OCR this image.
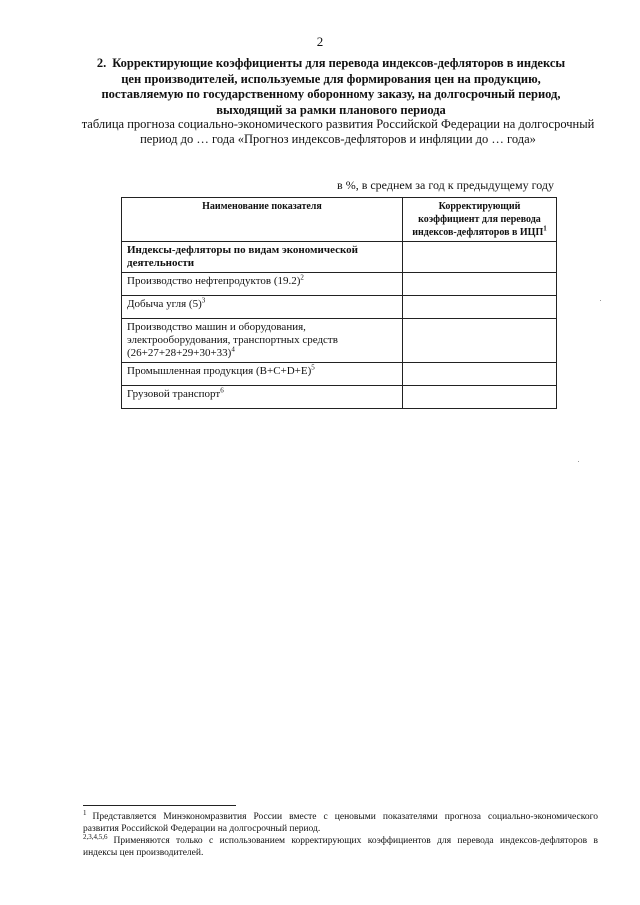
2
2. Корректирующие коэффициенты для перевода индексов-дефляторов в индексы цен производителей, используемые для формирования цен на продукцию, поставляемую по государственному оборонному заказу, на долгосрочный период, выходящий за рамки планового периода
таблица прогноза социально-экономического развития Российской Федерации на долгосрочный период до … года «Прогноз индексов-дефляторов и инфляции до … года»
в %, в среднем за год к предыдущему году
Наименование показателя	Корректирующий коэффициент для перевода индексов-дефляторов в ИЦП$^1$
Индексы-дефляторы по видам экономической деятельности	
Производство нефтепродуктов $(19.2)^2$	
Добыча угля $(5)^3$	
Производство машин и оборудования, электрооборудования, транспортных средств $(26+27+28+29+30+33)^4$	
Промышленная продукция $(B+C+D+E)^5$	
Грузовой транспорт$^6$	
$^1$ Представляется Минэкономразвития России вместе с ценовыми показателями прогноза социально-экономического развития Российской Федерации на долгосрочный период.
$^{2,3,4,5,6}$ Применяются только с использованием корректирующих коэффициентов для перевода индексов-дефляторов в индексы цен производителей.
